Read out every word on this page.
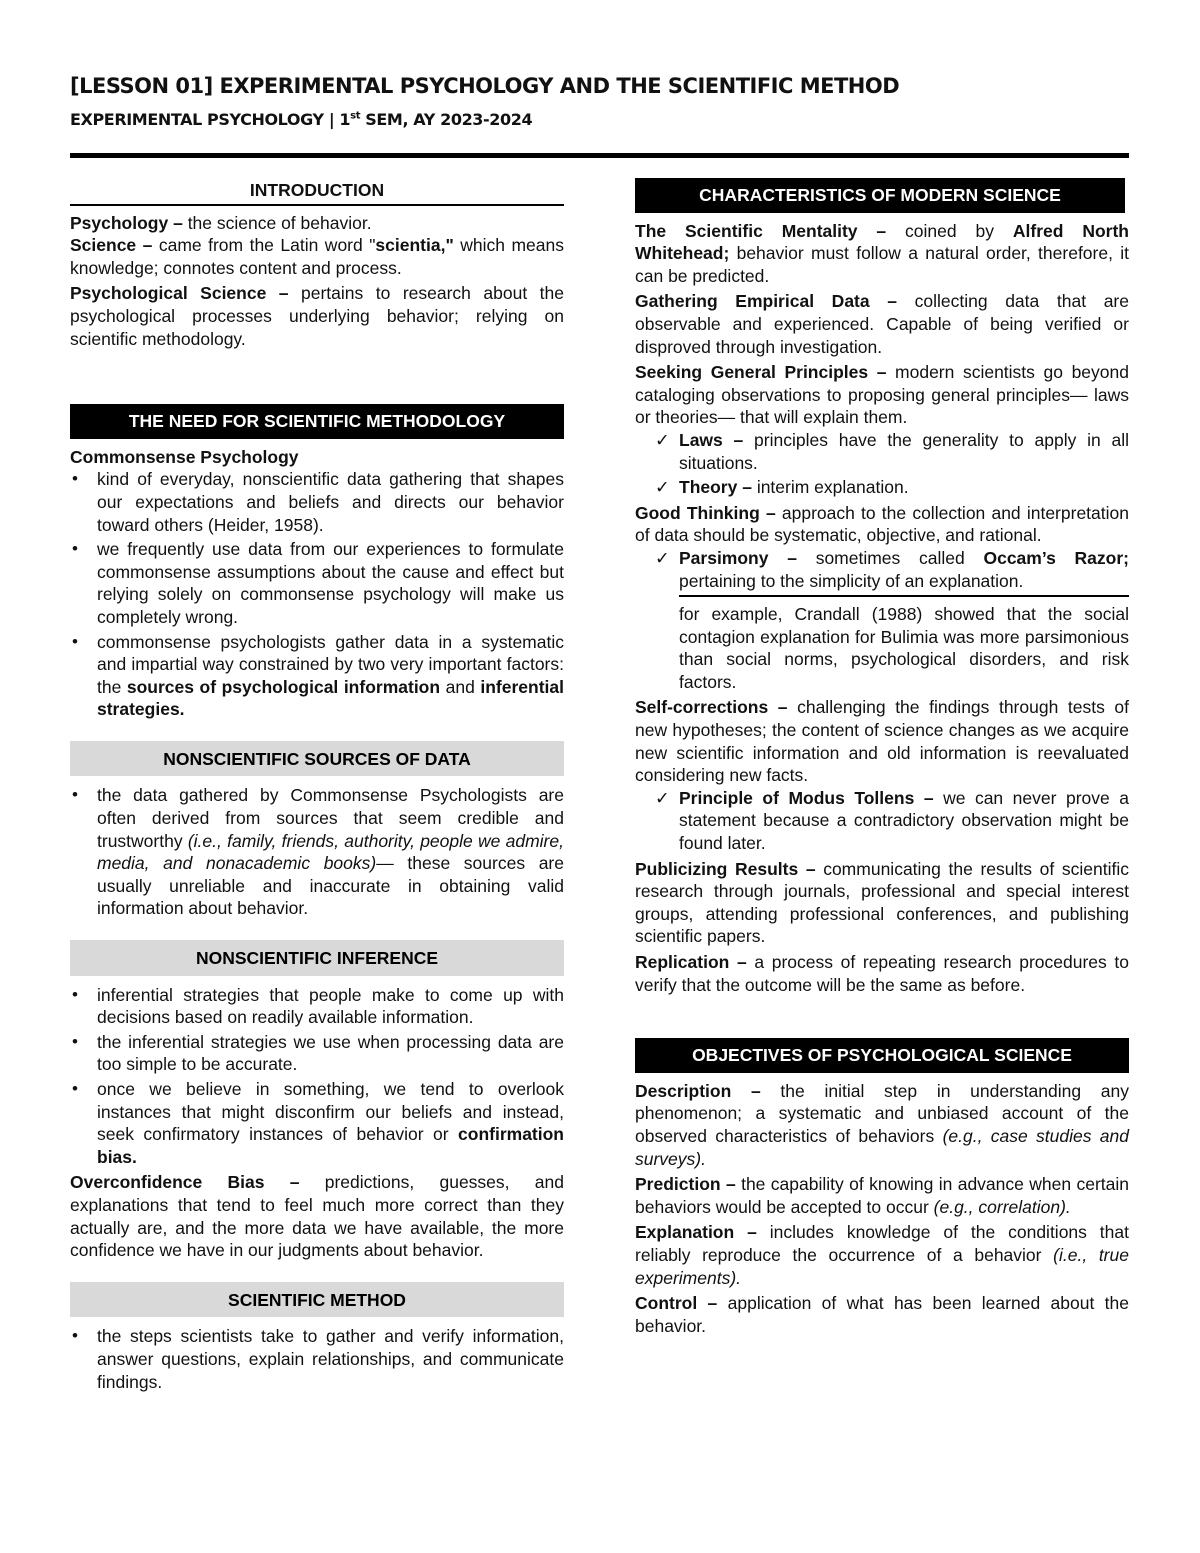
[LESSON 01] EXPERIMENTAL PSYCHOLOGY AND THE SCIENTIFIC METHOD
EXPERIMENTAL PSYCHOLOGY | 1st SEM, AY 2023-2024
INTRODUCTION

Psychology – the science of behavior.

Science – came from the Latin word "scientia," which means knowledge; connotes content and process.

Psychological Science – pertains to research about the psychological processes underlying behavior; relying on scientific methodology.

THE NEED FOR SCIENTIFIC METHODOLOGY

Commonsense Psychology

• kind of everyday, nonscientific data gathering that shapes our expectations and beliefs and directs our behavior toward others (Heider, 1958).
• we frequently use data from our experiences to formulate commonsense assumptions about the cause and effect but relying solely on commonsense psychology will make us completely wrong.
• commonsense psychologists gather data in a systematic and impartial way constrained by two very important factors: the sources of psychological information and inferential strategies.
NONSCIENTIFIC SOURCES OF DATA
• the data gathered by Commonsense Psychologists are often derived from sources that seem credible and trustworthy (i.e., family, friends, authority, people we admire, media, and nonacademic books)— these sources are usually unreliable and inaccurate in obtaining valid information about behavior.
NONSCIENTIFIC INFERENCE
• inferential strategies that people make to come up with decisions based on readily available information.
• the inferential strategies we use when processing data are too simple to be accurate.
• once we believe in something, we tend to overlook instances that might disconfirm our beliefs and instead, seek confirmatory instances of behavior or confirmation bias.

Overconfidence Bias – predictions, guesses, and explanations that tend to feel much more correct than they actually are, and the more data we have available, the more confidence we have in our judgments about behavior.

SCIENTIFIC METHOD
• the steps scientists take to gather and verify information, answer questions, explain relationships, and communicate findings.
CHARACTERISTICS OF MODERN SCIENCE

The Scientific Mentality – coined by Alfred North Whitehead; behavior must follow a natural order, therefore, it can be predicted.

Gathering Empirical Data – collecting data that are observable and experienced. Capable of being verified or disproved through investigation.

Seeking General Principles – modern scientists go beyond cataloging observations to proposing general principles— laws or theories— that will explain them.

✓ Laws – principles have the generality to apply in all situations.
✓ Theory – interim explanation.

Good Thinking – approach to the collection and interpretation of data should be systematic, objective, and rational.

✓ Parsimony – sometimes called Occam’s Razor; pertaining to the simplicity of an explanation.
for example, Crandall (1988) showed that the social contagion explanation for Bulimia was more parsimonious than social norms, psychological disorders, and risk factors.

Self-corrections – challenging the findings through tests of new hypotheses; the content of science changes as we acquire new scientific information and old information is reevaluated considering new facts.

✓ Principle of Modus Tollens – we can never prove a statement because a contradictory observation might be found later.

Publicizing Results – communicating the results of scientific research through journals, professional and special interest groups, attending professional conferences, and publishing scientific papers.

Replication – a process of repeating research procedures to verify that the outcome will be the same as before.

OBJECTIVES OF PSYCHOLOGICAL SCIENCE

Description – the initial step in understanding any phenomenon; a systematic and unbiased account of the observed characteristics of behaviors (e.g., case studies and surveys).

Prediction – the capability of knowing in advance when certain behaviors would be accepted to occur (e.g., correlation).

Explanation – includes knowledge of the conditions that reliably reproduce the occurrence of a behavior (i.e., true experiments).

Control – application of what has been learned about the behavior.
